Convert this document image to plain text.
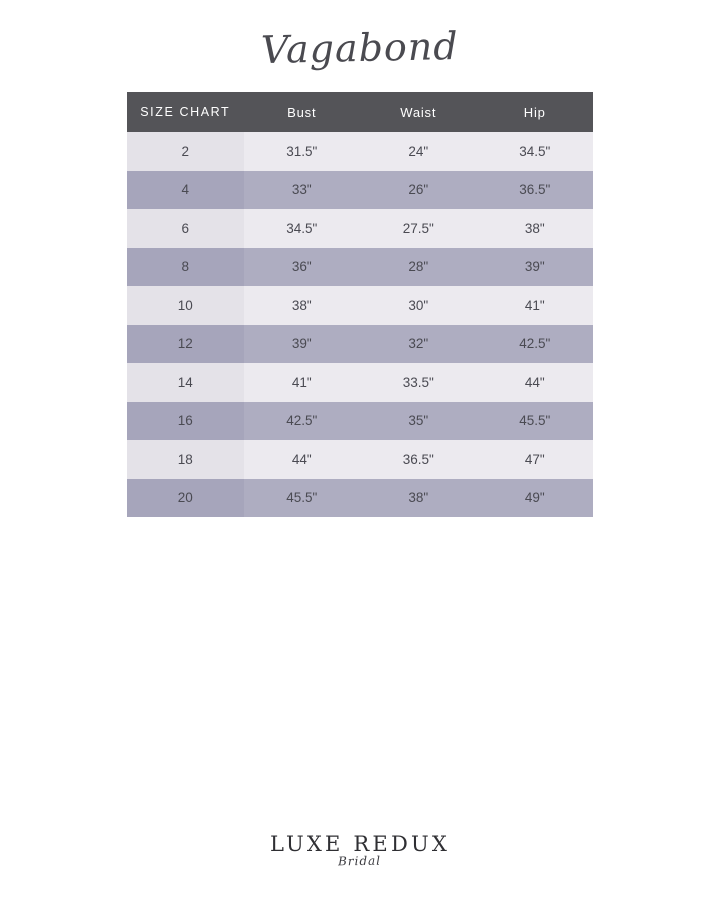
Vagabond
SIZE CHART	Bust	Waist	Hip
2	31.5"	24"	34.5"
4	33"	26"	36.5"
6	34.5"	27.5"	38"
8	36"	28"	39"
10	38"	30"	41"
12	39"	32"	42.5"
14	41"	33.5"	44"
16	42.5"	35"	45.5"
18	44"	36.5"	47"
20	45.5"	38"	49"
LUXE REDUX
Bridal
